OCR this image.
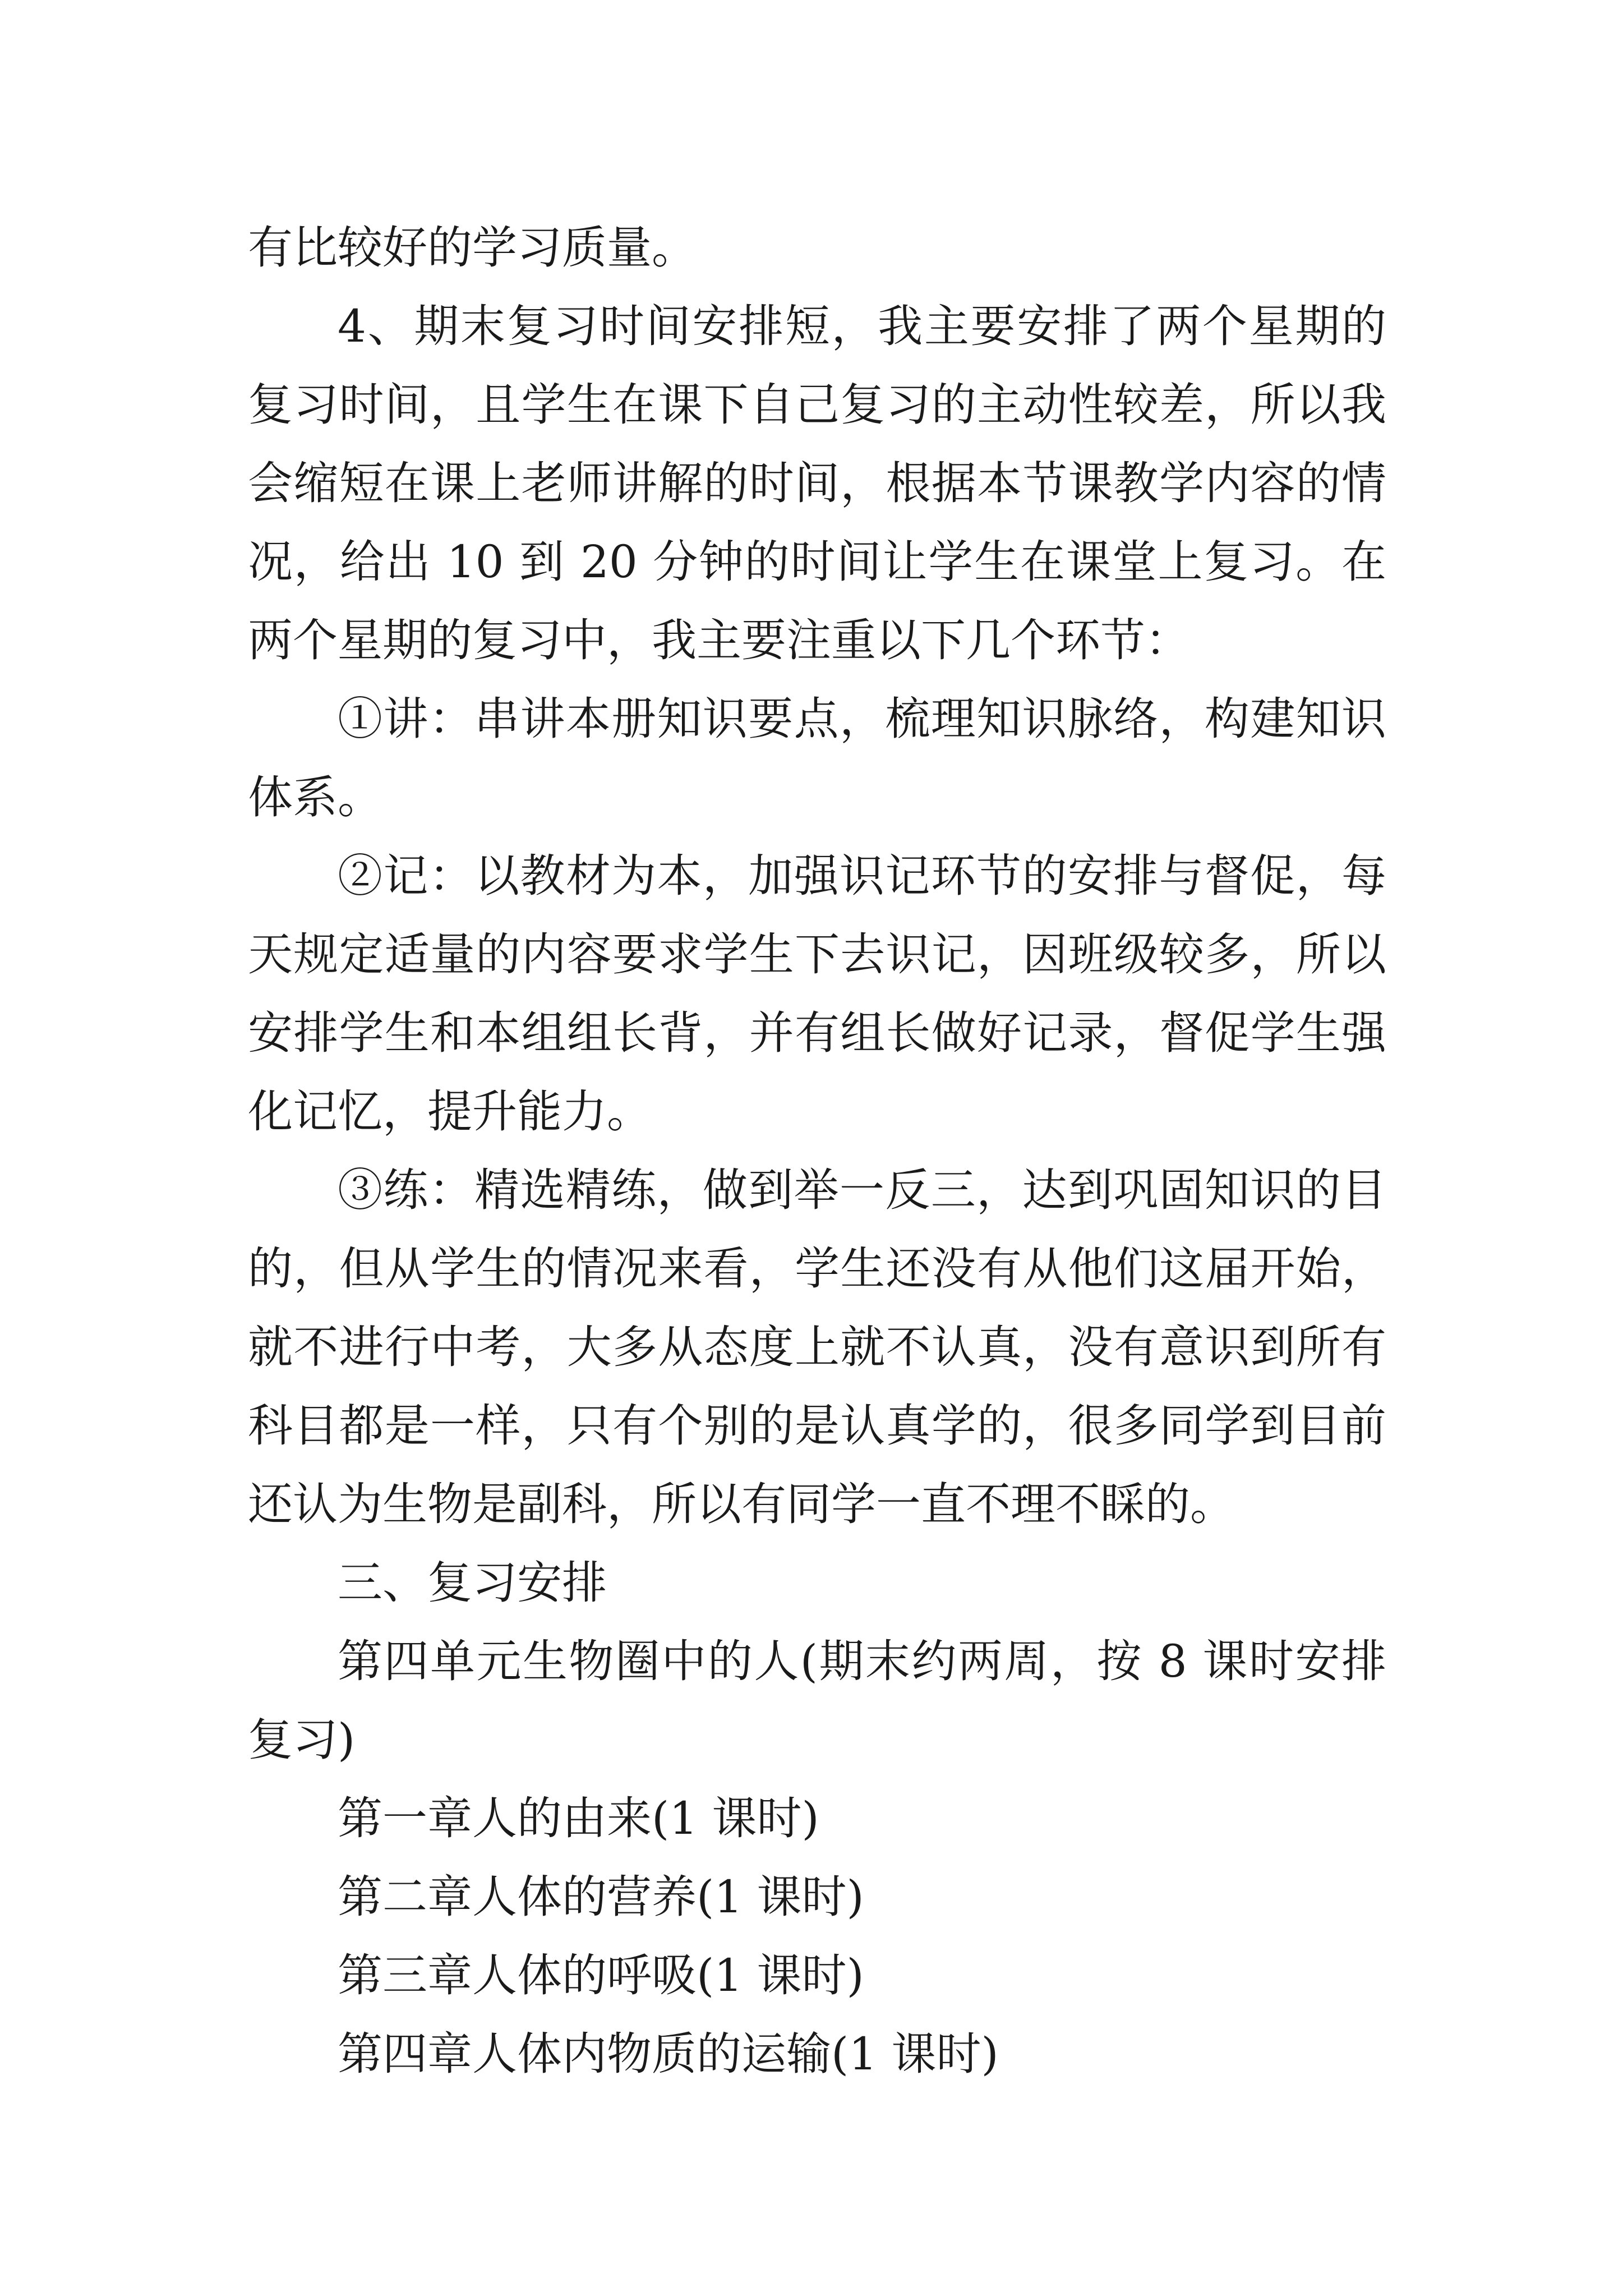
有比较好的学习质量。

4、期末复习时间安排短，我主要安排了两个星期的复习时间，且学生在课下自己复习的主动性较差，所以我会缩短在课上老师讲解的时间，根据本节课教学内容的情况，给出 10 到 20 分钟的时间让学生在课堂上复习。在两个星期的复习中，我主要注重以下几个环节：

①讲：串讲本册知识要点，梳理知识脉络，构建知识体系。

②记：以教材为本，加强识记环节的安排与督促，每天规定适量的内容要求学生下去识记，因班级较多，所以安排学生和本组组长背，并有组长做好记录，督促学生强化记忆，提升能力。

③练：精选精练，做到举一反三，达到巩固知识的目的，但从学生的情况来看，学生还没有从他们这届开始，就不进行中考，大多从态度上就不认真，没有意识到所有科目都是一样，只有个别的是认真学的，很多同学到目前还认为生物是副科，所以有同学一直不理不睬的。

三、复习安排

第四单元生物圈中的人(期末约两周，按 8 课时安排复习)

第一章人的由来(1 课时)

第二章人体的营养(1 课时)

第三章人体的呼吸(1 课时)

第四章人体内物质的运输(1 课时)
